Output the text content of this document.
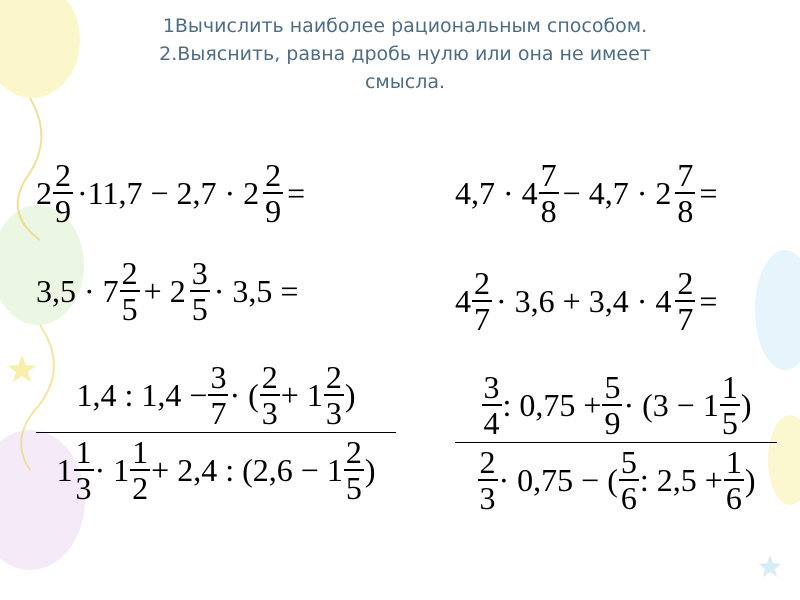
1Вычислить наиболее рациональным способом.
2.Выяснить, равна дробь нулю или она не имеет
смысла.
$2 \frac{2}{9} \cdot 11,7 - 2,7 \cdot 2 \frac{2}{9}$ =
$3,5 \cdot 7 \frac{2}{5} + 2 \frac{3}{5} \cdot 3,5$ =
1,4 : $1,4 - \frac{3}{7}$ · ( $\frac{2}{3} + 1 \frac{2}{3}$ )
$1 \frac{1}{3} \cdot 1 \frac{1}{2} + 2,4$ : ($2,6 - 1 \frac{2}{5}$ )
$4,7 \cdot 4 \frac{7}{8} - 4,7 \cdot 2 \frac{7}{8}$ =
$4 \frac{2}{7} \cdot 3,6 + 3,4 \cdot 4 \frac{2}{7}$ =
$\frac{3}{4}$ : $0,75 + \frac{5}{9} \cdot (3 - 1 \frac{1}{5}$ )
$\frac{2}{3} \cdot 0,75$ − ( $\frac{5}{6}$ : $2,5 + \frac{1}{6}$ )
